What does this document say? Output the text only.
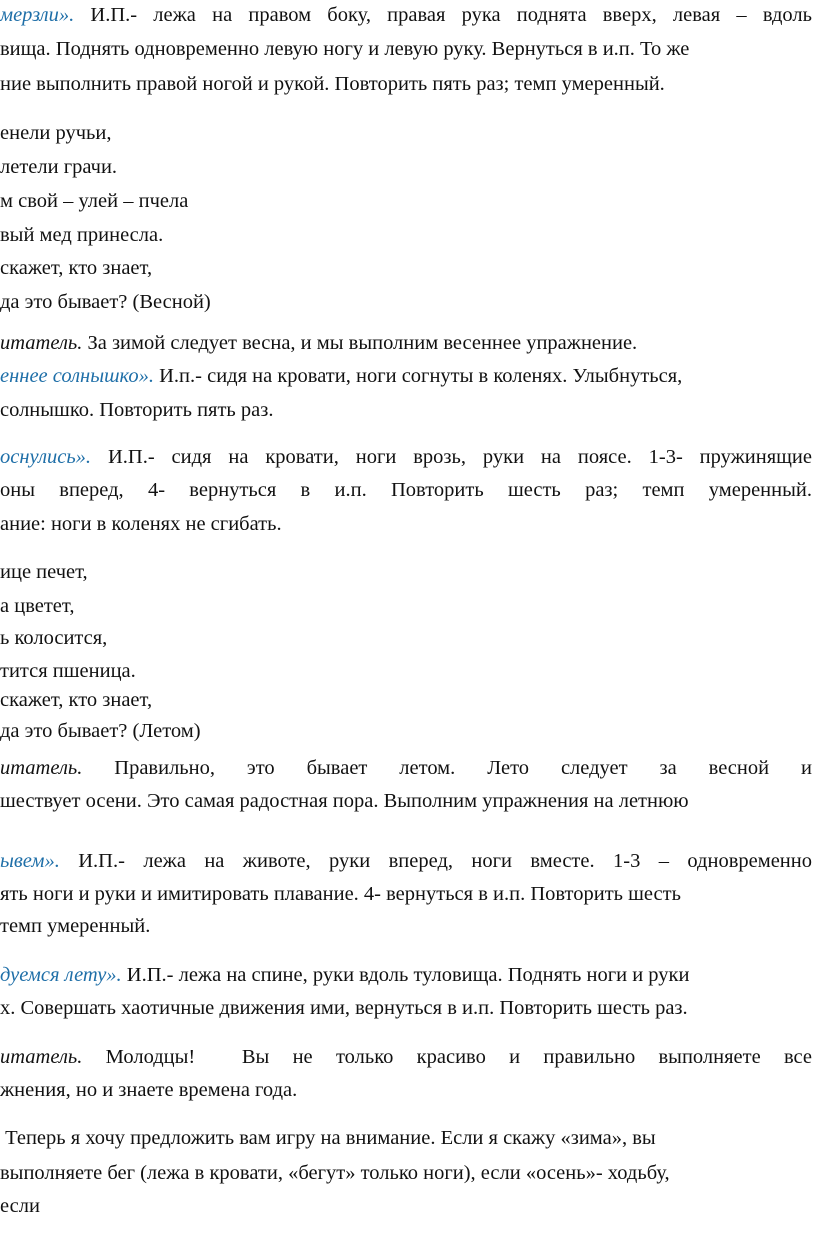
мерзли». И.П.- лежа на правом боку, правая рука поднята вверх, левая – вдоль
вища. Поднять одновременно левую ногу и левую руку. Вернуться в и.п. То же
ние выполнить правой ногой и рукой. Повторить пять раз; темп умеренный.
енели ручьи,
летели грачи.
м свой – улей – пчела
вый мед принесла.
скажет, кто знает,
да это бывает? (Весной)
итатель. За зимой следует весна, и мы выполним весеннее упражнение.
еннее солнышко». И.п.- сидя на кровати, ноги согнуты в коленях. Улыбнуться,
солнышко. Повторить пять раз.
оснулись». И.П.- сидя на кровати, ноги врозь, руки на поясе. 1-3- пружинящие
оны вперед, 4- вернуться в и.п. Повторить шесть раз; темп умеренный.
ание: ноги в коленях не сгибать.
ице печет,
а цветет,
ь колосится,
тится пшеница.
скажет, кто знает,
да это бывает? (Летом)
итатель. Правильно, это бывает летом. Лето следует за весной и
шествует осени. Это самая радостная пора. Выполним упражнения на летнюю
ывем». И.П.- лежа на животе, руки вперед, ноги вместе. 1-3 – одновременно
ять ноги и руки и имитировать плавание. 4- вернуться в и.п. Повторить шесть
темп умеренный.
дуемся лету». И.П.- лежа на спине, руки вдоль туловища. Поднять ноги и руки
х. Совершать хаотичные движения ими, вернуться в и.п. Повторить шесть раз.
итатель. Молодцы!  Вы не только красиво и правильно выполняете все
жнения, но и знаете времена года.
Теперь я хочу предложить вам игру на внимание. Если я скажу «зима», вы
выполняете бег (лежа в кровати, «бегут» только ноги), если «осень»- ходьбу,
если
